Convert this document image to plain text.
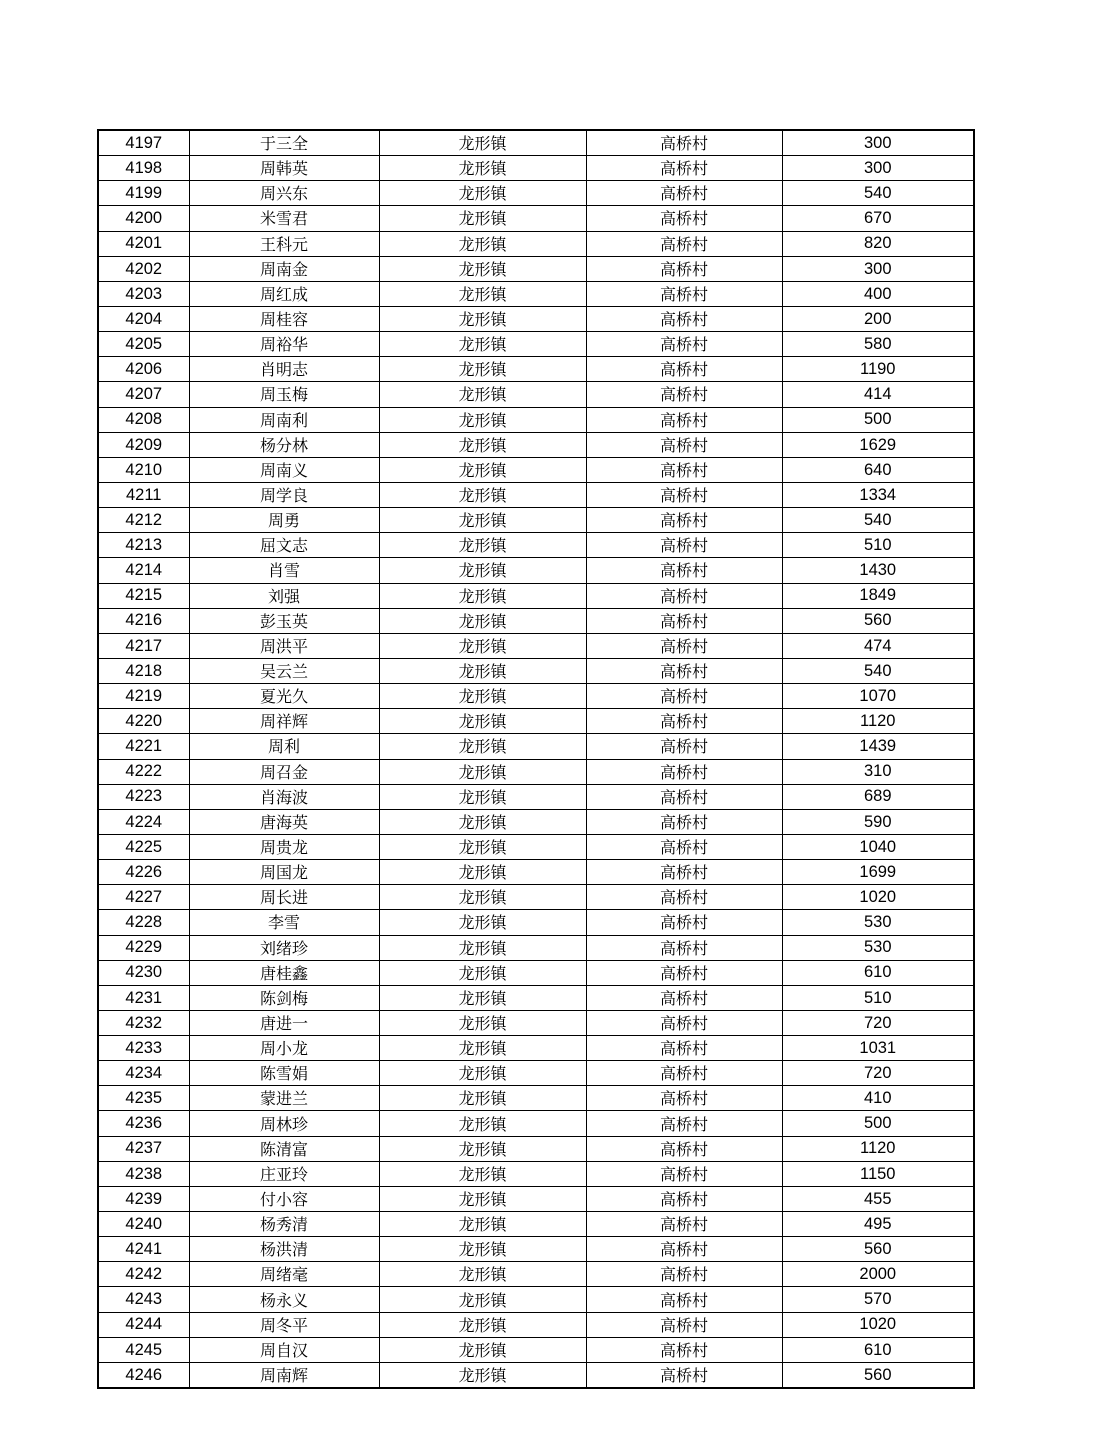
4197	于三全	龙形镇	高桥村	300
4198	周韩英	龙形镇	高桥村	300
4199	周兴东	龙形镇	高桥村	540
4200	米雪君	龙形镇	高桥村	670
4201	王科元	龙形镇	高桥村	820
4202	周南金	龙形镇	高桥村	300
4203	周红成	龙形镇	高桥村	400
4204	周桂容	龙形镇	高桥村	200
4205	周裕华	龙形镇	高桥村	580
4206	肖明志	龙形镇	高桥村	1190
4207	周玉梅	龙形镇	高桥村	414
4208	周南利	龙形镇	高桥村	500
4209	杨分林	龙形镇	高桥村	1629
4210	周南义	龙形镇	高桥村	640
4211	周学良	龙形镇	高桥村	1334
4212	周勇	龙形镇	高桥村	540
4213	屈文志	龙形镇	高桥村	510
4214	肖雪	龙形镇	高桥村	1430
4215	刘强	龙形镇	高桥村	1849
4216	彭玉英	龙形镇	高桥村	560
4217	周洪平	龙形镇	高桥村	474
4218	吴云兰	龙形镇	高桥村	540
4219	夏光久	龙形镇	高桥村	1070
4220	周祥辉	龙形镇	高桥村	1120
4221	周利	龙形镇	高桥村	1439
4222	周召金	龙形镇	高桥村	310
4223	肖海波	龙形镇	高桥村	689
4224	唐海英	龙形镇	高桥村	590
4225	周贵龙	龙形镇	高桥村	1040
4226	周国龙	龙形镇	高桥村	1699
4227	周长进	龙形镇	高桥村	1020
4228	李雪	龙形镇	高桥村	530
4229	刘绪珍	龙形镇	高桥村	530
4230	唐桂鑫	龙形镇	高桥村	610
4231	陈剑梅	龙形镇	高桥村	510
4232	唐进一	龙形镇	高桥村	720
4233	周小龙	龙形镇	高桥村	1031
4234	陈雪娟	龙形镇	高桥村	720
4235	蒙进兰	龙形镇	高桥村	410
4236	周林珍	龙形镇	高桥村	500
4237	陈清富	龙形镇	高桥村	1120
4238	庄亚玲	龙形镇	高桥村	1150
4239	付小容	龙形镇	高桥村	455
4240	杨秀清	龙形镇	高桥村	495
4241	杨洪清	龙形镇	高桥村	560
4242	周绪毫	龙形镇	高桥村	2000
4243	杨永义	龙形镇	高桥村	570
4244	周冬平	龙形镇	高桥村	1020
4245	周自汉	龙形镇	高桥村	610
4246	周南辉	龙形镇	高桥村	560
